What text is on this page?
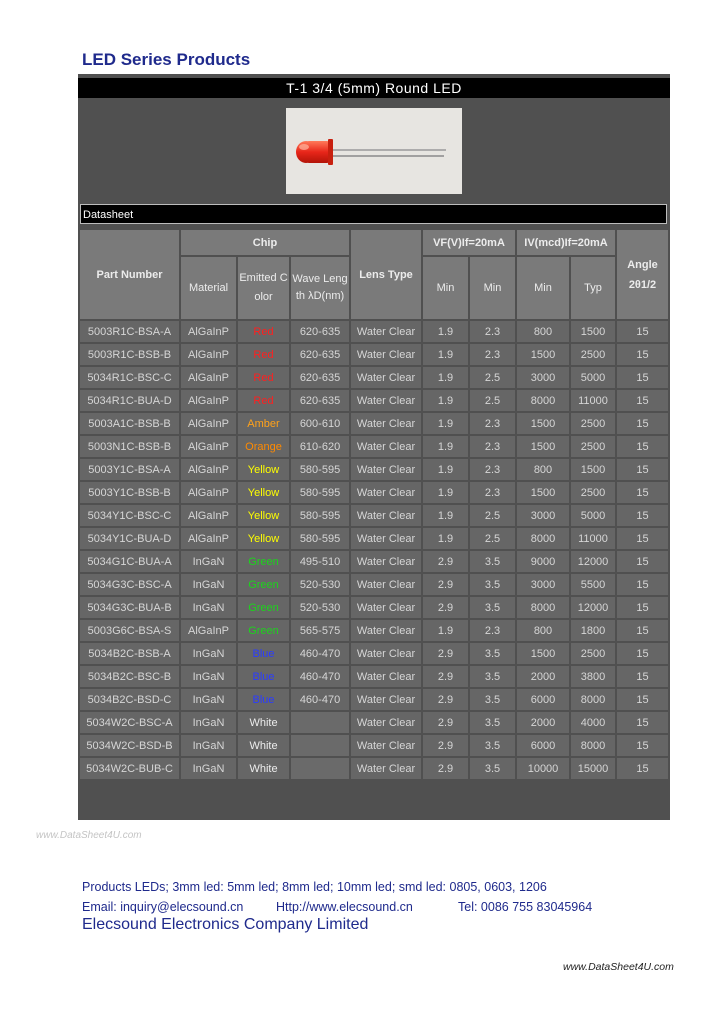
LED Series Products
T-1 3/4 (5mm) Round LED
Datasheet
Part Number	Chip			Lens Type	VF(V)If=20mA		IV(mcd)If=20mA		Angle 2θ1/2
	Material	Emitted C olor	Wave Leng th λD(nm)		Min	Min	Min	Typ	
5003R1C-BSA-A	AlGaInP	Red	620-635	Water Clear	1.9	2.3	800	1500	15
5003R1C-BSB-B	AlGaInP	Red	620-635	Water Clear	1.9	2.3	1500	2500	15
5034R1C-BSC-C	AlGaInP	Red	620-635	Water Clear	1.9	2.5	3000	5000	15
5034R1C-BUA-D	AlGaInP	Red	620-635	Water Clear	1.9	2.5	8000	11000	15
5003A1C-BSB-B	AlGaInP	Amber	600-610	Water Clear	1.9	2.3	1500	2500	15
5003N1C-BSB-B	AlGaInP	Orange	610-620	Water Clear	1.9	2.3	1500	2500	15
5003Y1C-BSA-A	AlGaInP	Yellow	580-595	Water Clear	1.9	2.3	800	1500	15
5003Y1C-BSB-B	AlGaInP	Yellow	580-595	Water Clear	1.9	2.3	1500	2500	15
5034Y1C-BSC-C	AlGaInP	Yellow	580-595	Water Clear	1.9	2.5	3000	5000	15
5034Y1C-BUA-D	AlGaInP	Yellow	580-595	Water Clear	1.9	2.5	8000	11000	15
5034G1C-BUA-A	InGaN	Green	495-510	Water Clear	2.9	3.5	9000	12000	15
5034G3C-BSC-A	InGaN	Green	520-530	Water Clear	2.9	3.5	3000	5500	15
5034G3C-BUA-B	InGaN	Green	520-530	Water Clear	2.9	3.5	8000	12000	15
5003G6C-BSA-S	AlGaInP	Green	565-575	Water Clear	1.9	2.3	800	1800	15
5034B2C-BSB-A	InGaN	Blue	460-470	Water Clear	2.9	3.5	1500	2500	15
5034B2C-BSC-B	InGaN	Blue	460-470	Water Clear	2.9	3.5	2000	3800	15
5034B2C-BSD-C	InGaN	Blue	460-470	Water Clear	2.9	3.5	6000	8000	15
5034W2C-BSC-A	InGaN	White		Water Clear	2.9	3.5	2000	4000	15
5034W2C-BSD-B	InGaN	White		Water Clear	2.9	3.5	6000	8000	15
5034W2C-BUB-C	InGaN	White		Water Clear	2.9	3.5	10000	15000	15
www.DataSheet4U.com
Products LEDs; 3mm led: 5mm led; 8mm led; 10mm led; smd led: 0805, 0603, 1206
Email: inquiry@elecsound.cn	Http://www.elecsound.cn	Tel: 0086 755 83045964
Elecsound Electronics Company Limited
www.DataSheet4U.com
